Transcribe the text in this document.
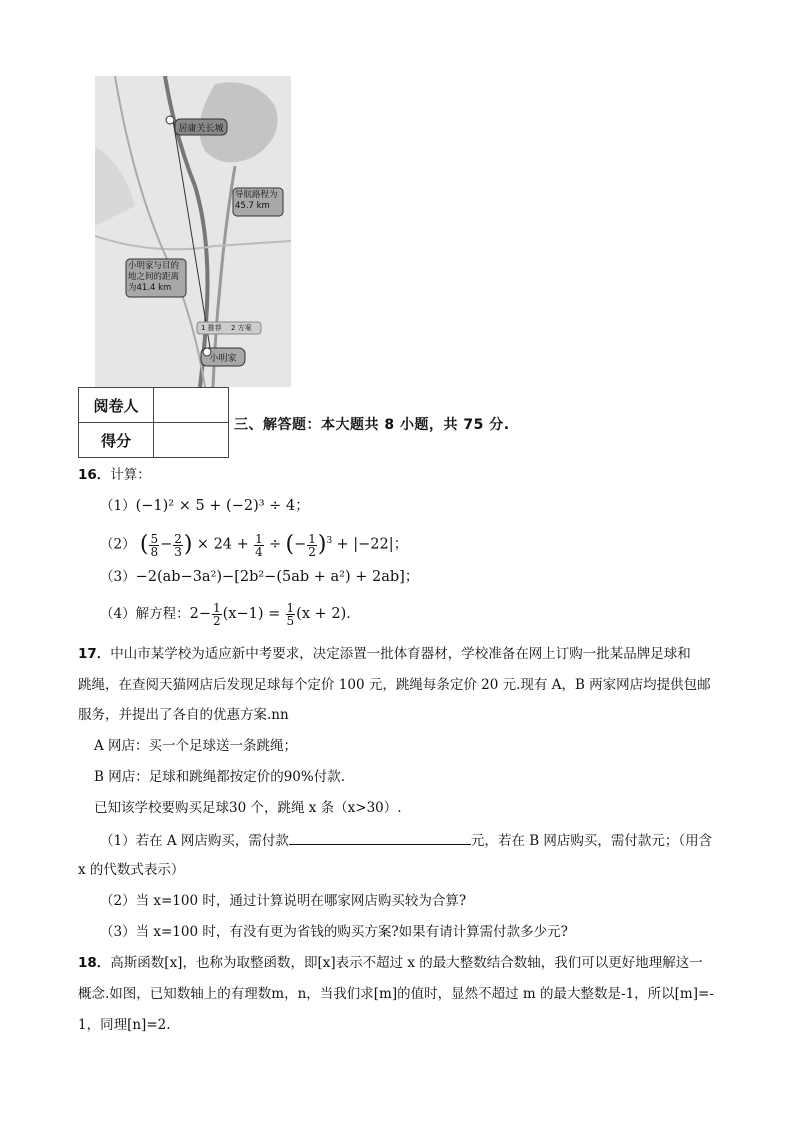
居庸关长城
导航路程为
45.7 km
小明家与目的
地之间的距离
为41.4 km
小明家
1 推荐 2 方案
阅卷人	
得分	
三、解答题：本大题共 8 小题，共 75 分.
16．计算：
（1）(−1)² × 5 + (−2)³ ÷ 4；
（2） ( $\frac{5}{8} - \frac{2}{3}$ ) × $24 + \frac{1}{4}$ ÷ (− $\frac{1}{2} )^3 + |-22|$；
（3）−2(ab−3a²)−[2b²−(5ab + a²) + 2ab]；
（4）解方程：$2- \frac{1}{2} (x-1) = \frac{1}{5} (x + 2)$．
17．中山市某学校为适应新中考要求，决定添置一批体育器材，学校准备在网上订购一批某品牌足球和
跳绳，在查阅天猫网店后发现足球每个定价 100 元，跳绳每条定价 20 元.现有 A，B 两家网店均提供包邮
服务，并提出了各自的优惠方案.nn
A 网店：买一个足球送一条跳绳；
B 网店：足球和跳绳都按定价的90%付款.
已知该学校要购买足球30 个，跳绳 x 条（x>30）.
（1）若在 A 网店购买，需付款	元，若在 B 网店购买，需付款元；（用含
x 的代数式表示）
（2）当 x=100 时，通过计算说明在哪家网店购买较为合算?
（3）当 x=100 时，有没有更为省钱的购买方案?如果有请计算需付款多少元?
18．高斯函数[x]，也称为取整函数，即[x]表示不超过 x 的最大整数结合数轴，我们可以更好地理解这一
概念.如图，已知数轴上的有理数m，n，当我们求[m]的值时，显然不超过 m 的最大整数是-1，所以[m]=-
1，同理[n]=2.
